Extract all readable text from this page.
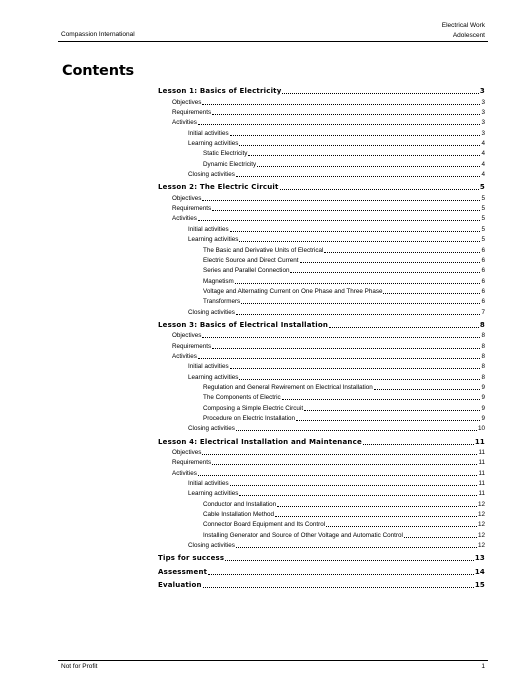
Compassion International
Electrical Work
Adolescent
Contents
Lesson 1: Basics of Electricity	3
Objectives	3
Requirements	3
Activities	3
Initial activities	3
Learning activities	4
Static Electricity	4
Dynamic Electricity	4
Closing activities	4
Lesson 2: The Electric Circuit	5
Objectives	5
Requirements	5
Activities	5
Initial activities	5
Learning activities	5
The Basic and Derivative Units of Electrical	6
Electric Source and Direct Current	6
Series and Parallel Connection	6
Magnetism	6
Voltage and Alternating Current on One Phase and Three Phase	6
Transformers	6
Closing activities	7
Lesson 3: Basics of Electrical Installation	8
Objectives	8
Requirements	8
Activities	8
Initial activities	8
Learning activities	8
Regulation and General Rewirement on Electrical Installation	9
The Components of Electric	9
Composing a Simple Electric Circuit	9
Procedure on Electric Installation	9
Closing activities	10
Lesson 4: Electrical Installation and Maintenance	11
Objectives	11
Requirements	11
Activities	11
Initial activities	11
Learning activities	11
Conductor and Installation	12
Cable Installation Method	12
Connector Board Equipment and Its Control	12
Installing Generator and Source of Other Voltage and Automatic Control	12
Closing activities	12
Tips for success	13
Assessment	14
Evaluation	15
Not for Profit	1
